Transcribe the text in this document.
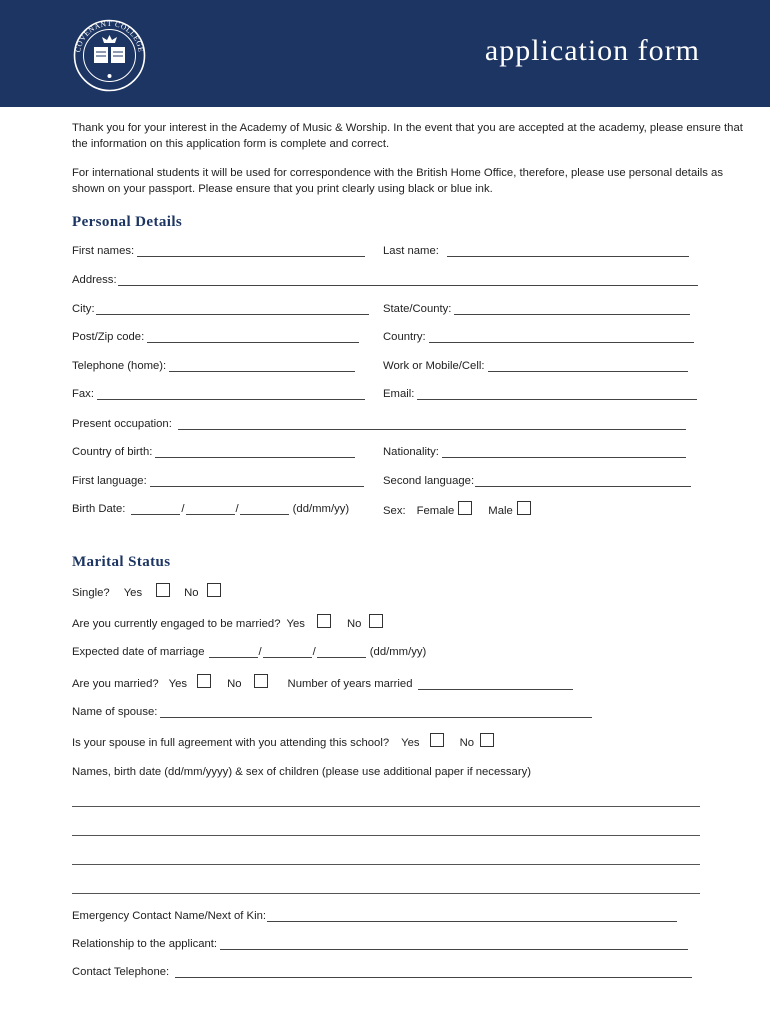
COVENANT COLLEGE	application form
Thank you for your interest in the Academy of Music & Worship. In the event that you are accepted at the academy, please ensure that the information on this application form is complete and correct.
For international students it will be used for correspondence with the British Home Office, therefore, please use personal details as shown on your passport. Please ensure that you print clearly using black or blue ink.
Personal Details
First names:	Last name:
Address:
City:	State/County:
Post/Zip code:	Country:
Telephone (home):	Work or Mobile/Cell:
Fax:	Email:
Present occupation:
Country of birth:	Nationality:
First language:	Second language:
Birth Date:	/	/	(dd/mm/yy)	Sex: Female	Male
Marital Status
Single? Yes	No
Are you currently engaged to be married? Yes	No
Expected date of marriage	/	/	(dd/mm/yy)
Are you married? Yes	No	Number of years married
Name of spouse:
Is your spouse in full agreement with you attending this school? Yes	No
Names, birth date (dd/mm/yyyy) & sex of children (please use additional paper if necessary)
Emergency Contact Name/Next of Kin:
Relationship to the applicant:
Contact Telephone:
